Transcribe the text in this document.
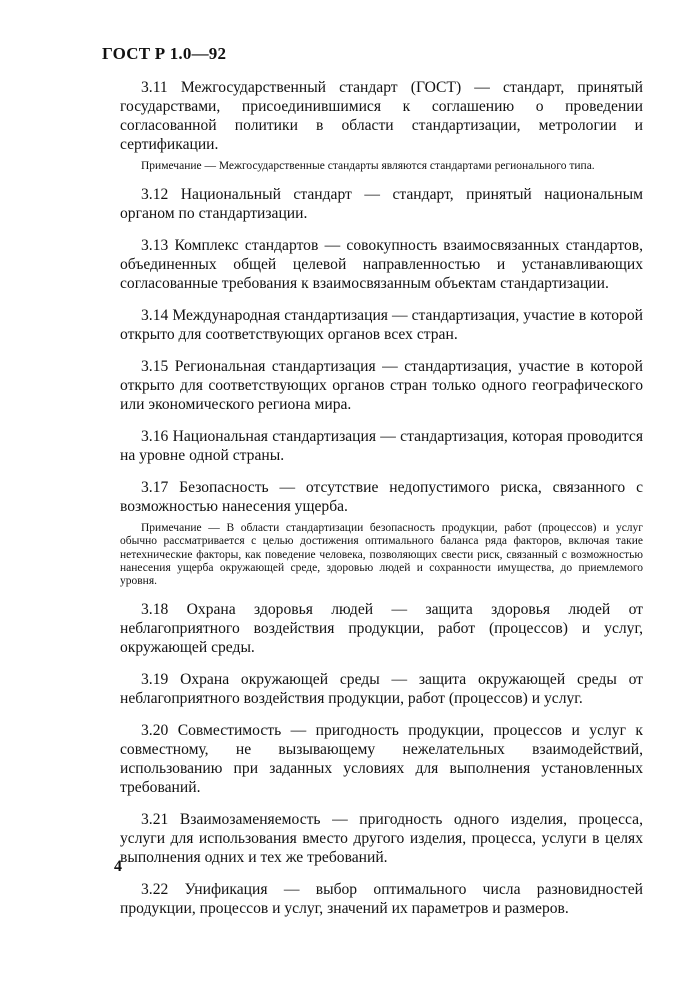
ГОСТ Р 1.0—92

3.11 Межгосударственный стандарт (ГОСТ) — стандарт, принятый государствами, присоединившимися к соглашению о проведении согласованной политики в области стандартизации, метрологии и сертификации.

Примечание — Межгосударственные стандарты являются стандартами регионального типа.

3.12 Национальный стандарт — стандарт, принятый национальным органом по стандартизации.

3.13 Комплекс стандартов — совокупность взаимосвязанных стандартов, объединенных общей целевой направленностью и устанавливающих согласованные требования к взаимосвязанным объектам стандартизации.

3.14 Международная стандартизация — стандартизация, участие в которой открыто для соответствующих органов всех стран.

3.15 Региональная стандартизация — стандартизация, участие в которой открыто для соответствующих органов стран только одного географического или экономического региона мира.

3.16 Национальная стандартизация — стандартизация, которая проводится на уровне одной страны.

3.17 Безопасность — отсутствие недопустимого риска, связанного с возможностью нанесения ущерба.

Примечание — В области стандартизации безопасность продукции, работ (процессов) и услуг обычно рассматривается с целью достижения оптимального баланса ряда факторов, включая такие нетехнические факторы, как поведение человека, позволяющих свести риск, связанный с возможностью нанесения ущерба окружающей среде, здоровью людей и сохранности имущества, до приемлемого уровня.

3.18 Охрана здоровья людей — защита здоровья людей от неблагоприятного воздействия продукции, работ (процессов) и услуг, окружающей среды.

3.19 Охрана окружающей среды — защита окружающей среды от неблагоприятного воздействия продукции, работ (процессов) и услуг.

3.20 Совместимость — пригодность продукции, процессов и услуг к совместному, не вызывающему нежелательных взаимодействий, использованию при заданных условиях для выполнения установленных требований.

3.21 Взаимозаменяемость — пригодность одного изделия, процесса, услуги для использования вместо другого изделия, процесса, услуги в целях выполнения одних и тех же требований.

3.22 Унификация — выбор оптимального числа разновидностей продукции, процессов и услуг, значений их параметров и размеров.

4
